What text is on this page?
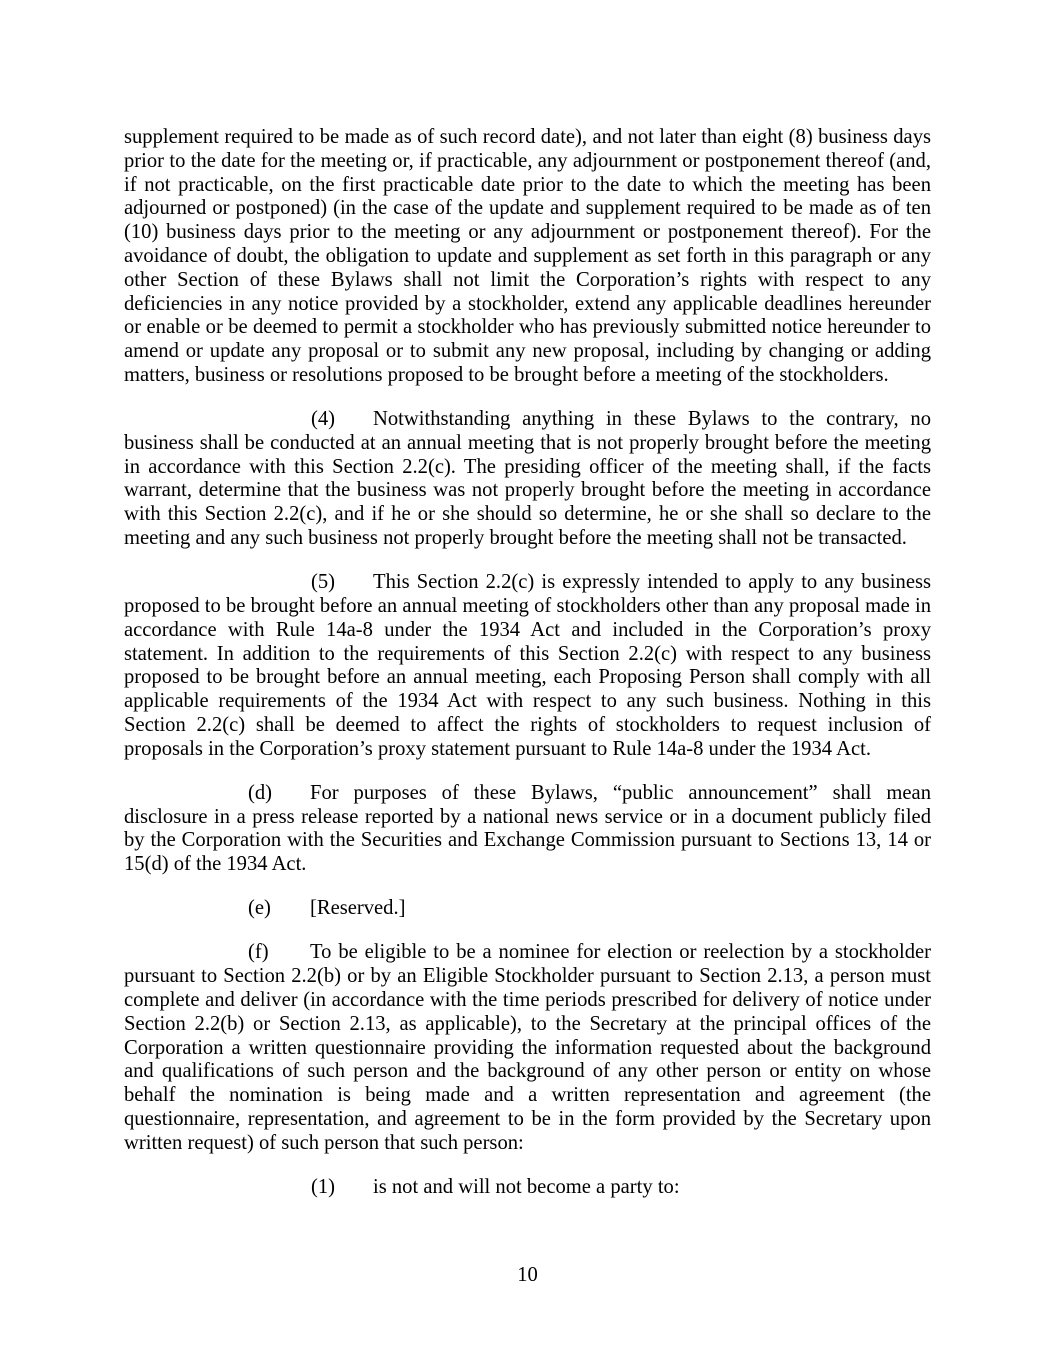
supplement required to be made as of such record date), and not later than eight (8) business days prior to the date for the meeting or, if practicable, any adjournment or postponement thereof (and, if not practicable, on the first practicable date prior to the date to which the meeting has been adjourned or postponed) (in the case of the update and supplement required to be made as of ten (10) business days prior to the meeting or any adjournment or postponement thereof). For the avoidance of doubt, the obligation to update and supplement as set forth in this paragraph or any other Section of these Bylaws shall not limit the Corporation’s rights with respect to any deficiencies in any notice provided by a stockholder, extend any applicable deadlines hereunder or enable or be deemed to permit a stockholder who has previously submitted notice hereunder to amend or update any proposal or to submit any new proposal, including by changing or adding matters, business or resolutions proposed to be brought before a meeting of the stockholders.

(4) Notwithstanding anything in these Bylaws to the contrary, no business shall be conducted at an annual meeting that is not properly brought before the meeting in accordance with this Section 2.2(c). The presiding officer of the meeting shall, if the facts warrant, determine that the business was not properly brought before the meeting in accordance with this Section 2.2(c), and if he or she should so determine, he or she shall so declare to the meeting and any such business not properly brought before the meeting shall not be transacted.

(5) This Section 2.2(c) is expressly intended to apply to any business proposed to be brought before an annual meeting of stockholders other than any proposal made in accordance with Rule 14a-8 under the 1934 Act and included in the Corporation’s proxy statement. In addition to the requirements of this Section 2.2(c) with respect to any business proposed to be brought before an annual meeting, each Proposing Person shall comply with all applicable requirements of the 1934 Act with respect to any such business. Nothing in this Section 2.2(c) shall be deemed to affect the rights of stockholders to request inclusion of proposals in the Corporation’s proxy statement pursuant to Rule 14a-8 under the 1934 Act.

(d) For purposes of these Bylaws, “public announcement” shall mean disclosure in a press release reported by a national news service or in a document publicly filed by the Corporation with the Securities and Exchange Commission pursuant to Sections 13, 14 or 15(d) of the 1934 Act.

(e) [Reserved.]

(f) To be eligible to be a nominee for election or reelection by a stockholder pursuant to Section 2.2(b) or by an Eligible Stockholder pursuant to Section 2.13, a person must complete and deliver (in accordance with the time periods prescribed for delivery of notice under Section 2.2(b) or Section 2.13, as applicable), to the Secretary at the principal offices of the Corporation a written questionnaire providing the information requested about the background and qualifications of such person and the background of any other person or entity on whose behalf the nomination is being made and a written representation and agreement (the questionnaire, representation, and agreement to be in the form provided by the Secretary upon written request) of such person that such person:

(1) is not and will not become a party to:

10
